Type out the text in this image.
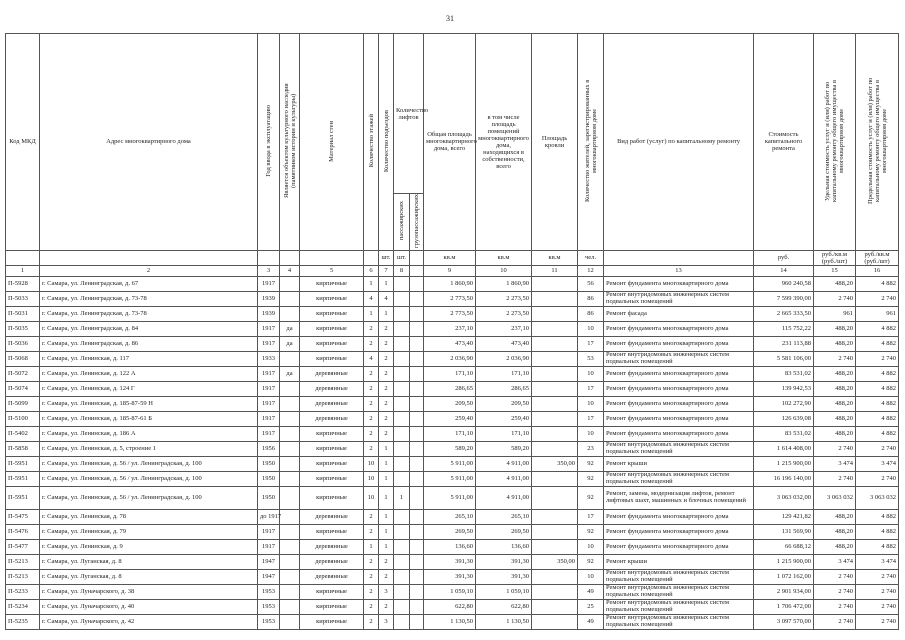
31
Код МКД	Адрес многоквартирного дома	Год ввода в эксплуатацию	Является объектом культурного наследия (памятником истории и культуры)	Материал стен	Количество этажей	Количество подъездов	Количество лифтов		Общая площадь многоквартирного дома, всего	в том числе площадь помещений многоквартирного дома, находящихся в собственности, всего	Площадь кровли	Количество жителей, зарегистрированных в многоквартирном доме	Вид работ (услуг) по капитальному ремонту	Стоимость капитального ремонта	Удельная стоимость услуг и (или) работ по капитальному ремонту общего имущества в многоквартирном доме	Предельная стоимость услуг и (или) работ по капитальному ремонту общего имущества в многоквартирном доме
							пассажирских	грузопассажирских								
						шт.	шт.		кв.м	кв.м	кв.м	чел.		руб.	руб./кв.м (руб./шт)	руб./кв.м (руб./шт)
1	2	3	4	5	6	7	8		9	10	11	12	13	14	15	16
П-5928	г. Самара, ул. Ленинградская, д. 67	1917		кирпичные	1	1			1 860,90	1 860,90		56	Ремонт фундамента многоквартирного дома	960 240,58	488,20	4 882
П-5033	г. Самара, ул. Ленинградская, д. 73-78	1939		кирпичные	4	4			2 773,50	2 273,50		86	Ремонт внутридомовых инженерных систем подвальных помещений	7 599 390,00	2 740	2 740
П-5031	г. Самара, ул. Ленинградская, д. 73-78	1939		кирпичные	1	1			2 773,50	2 273,50		86	Ремонт фасада	2 665 333,50	961	961
П-5035	г. Самара, ул. Ленинградская, д. 84	1917	да	кирпичные	2	2			237,10	237,10		10	Ремонт фундамента многоквартирного дома	115 752,22	488,20	4 882
П-5036	г. Самара, ул. Ленинградская, д. 86	1917	да	кирпичные	2	2			473,40	473,40		17	Ремонт фундамента многоквартирного дома	231 113,88	488,20	4 882
П-5068	г. Самара, ул. Ленинская, д. 117	1933		кирпичные	4	2			2 036,90	2 036,90		53	Ремонт внутридомовых инженерных систем подвальных помещений	5 581 106,00	2 740	2 740
П-5072	г. Самара, ул. Ленинская, д. 122 А	1917	да	деревянные	2	2			171,10	171,10		10	Ремонт фундамента многоквартирного дома	83 531,02	488,20	4 882
П-5074	г. Самара, ул. Ленинская, д. 124 Г	1917		деревянные	2	2			286,65	286,65		17	Ремонт фундамента многоквартирного дома	139 942,53	488,20	4 882
П-5099	г. Самара, ул. Ленинская, д. 185-87-59 Н	1917		деревянные	2	2			209,50	209,50		10	Ремонт фундамента многоквартирного дома	102 272,90	488,20	4 882
П-5100	г. Самара, ул. Ленинская, д. 185-87-61 Б	1917		деревянные	2	2			259,40	259,40		17	Ремонт фундамента многоквартирного дома	126 639,08	488,20	4 882
П-5402	г. Самара, ул. Ленинская, д. 186 А	1917		кирпичные	2	2			171,10	171,10		10	Ремонт фундамента многоквартирного дома	83 531,02	488,20	4 882
П-5858	г. Самара, ул. Ленинская, д. 5, строение 1	1956		кирпичные	2	1			589,20	589,20		23	Ремонт внутридомовых инженерных систем подвальных помещений	1 614 408,00	2 740	2 740
П-5951	г. Самара, ул. Ленинская, д. 56 / ул. Ленинградская, д. 100	1950		кирпичные	10	1			5 911,00	4 911,00	350,00	92	Ремонт крыши	1 215 900,00	3 474	3 474
П-5951	г. Самара, ул. Ленинская, д. 56 / ул. Ленинградская, д. 100	1950		кирпичные	10	1			5 911,00	4 911,00		92	Ремонт внутридомовых инженерных систем подвальных помещений	16 196 140,00	2 740	2 740
П-5951	г. Самара, ул. Ленинская, д. 56 / ул. Ленинградская, д. 100	1950		кирпичные	10	1	1		5 911,00	4 911,00		92	Ремонт, замена, модернизация лифтов, ремонт лифтовых шахт, машинных и блочных помещений	3 063 032,00	3 063 032	3 063 032
П-5475	г. Самара, ул. Ленинская, д. 78	до 1917		деревянные	2	1			265,10	265,10		17	Ремонт фундамента многоквартирного дома	129 421,82	488,20	4 882
П-5476	г. Самара, ул. Ленинская, д. 79	1917		кирпичные	2	1			269,50	269,50		92	Ремонт фундамента многоквартирного дома	131 569,90	488,20	4 882
П-5477	г. Самара, ул. Ленинская, д. 9	1917		деревянные	1	1			136,60	136,60		10	Ремонт фундамента многоквартирного дома	66 688,12	488,20	4 882
П-5213	г. Самара, ул. Луганская, д. 8	1947		деревянные	2	2			391,30	391,30	350,00	92	Ремонт крыши	1 215 900,00	3 474	3 474
П-5213	г. Самара, ул. Луганская, д. 8	1947		деревянные	2	2			391,30	391,30		10	Ремонт внутридомовых инженерных систем подвальных помещений	1 072 162,00	2 740	2 740
П-5233	г. Самара, ул. Луначарского, д. 38	1953		кирпичные	2	3			1 059,10	1 059,10		49	Ремонт внутридомовых инженерных систем подвальных помещений	2 901 934,00	2 740	2 740
П-5234	г. Самара, ул. Луначарского, д. 40	1953		кирпичные	2	2			622,80	622,80		25	Ремонт внутридомовых инженерных систем подвальных помещений	1 706 472,00	2 740	2 740
П-5235	г. Самара, ул. Луначарского, д. 42	1953		кирпичные	2	3			1 130,50	1 130,50		49	Ремонт внутридомовых инженерных систем подвальных помещений	3 097 570,00	2 740	2 740
